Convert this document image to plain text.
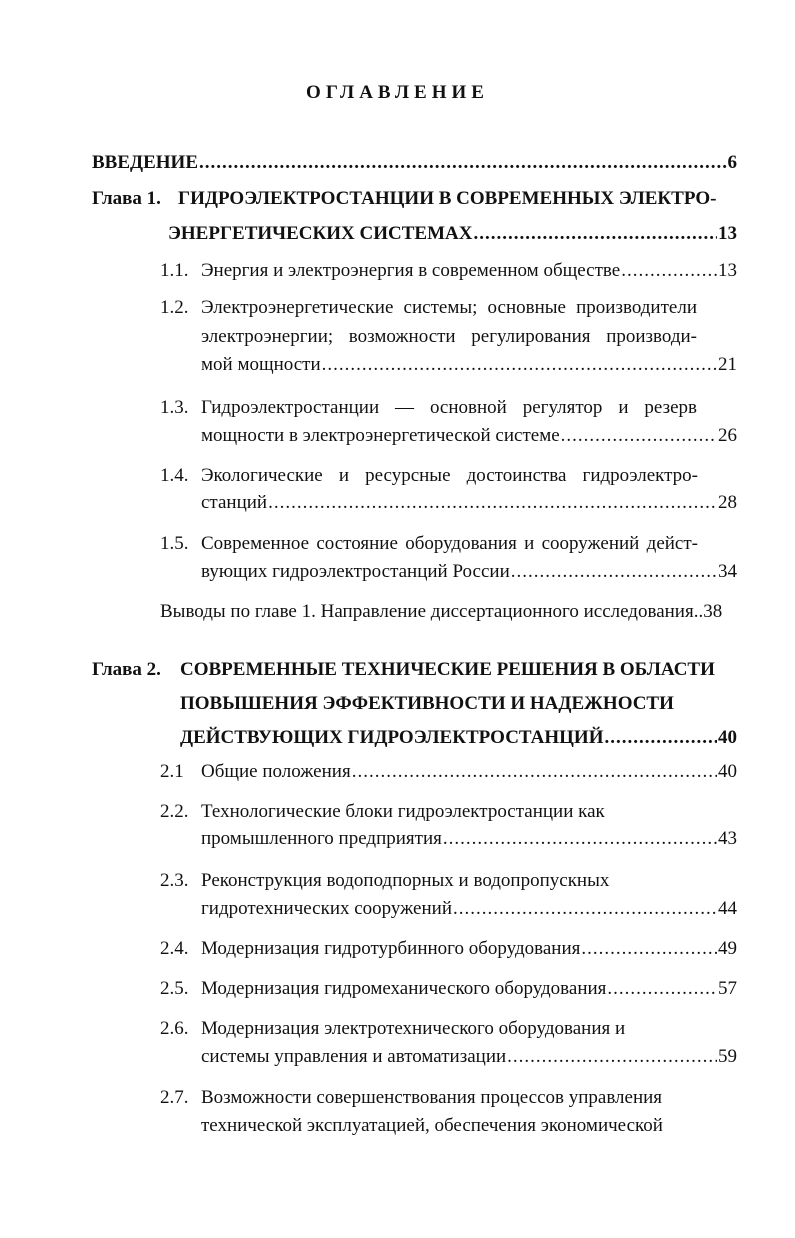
ОГЛАВЛЕНИЕ
ВВЕДЕНИЕ .....	6
Глава 1. ГИДРОЭЛЕКТРОСТАНЦИИ В СОВРЕМЕННЫХ ЭЛЕКТРО-
ЭНЕРГЕТИЧЕСКИХ СИСТЕМАХ .....	13
1.1. Энергия и электроэнергия в современном обществе .....	13
1.2. Электроэнергетические системы; основные производители
электроэнергии; возможности регулирования производи-
мой мощности .....	21
1.3. Гидроэлектростанции — основной регулятор и резерв
мощности в электроэнергетической системе .....	26
1.4. Экологические и ресурсные достоинства гидроэлектро-
станций .....	28
1.5. Современное состояние оборудования и сооружений дейст-
вующих гидроэлектростанций России .....	34
Выводы по главе 1. Направление диссертационного исследования..38
Глава 2. СОВРЕМЕННЫЕ ТЕХНИЧЕСКИЕ РЕШЕНИЯ В ОБЛАСТИ
ПОВЫШЕНИЯ ЭФФЕКТИВНОСТИ И НАДЕЖНОСТИ
ДЕЙСТВУЮЩИХ ГИДРОЭЛЕКТРОСТАНЦИЙ .....	40
2.1 Общие положения .....	40
2.2. Технологические блоки гидроэлектростанции как
промышленного предприятия .....	43
2.3. Реконструкция водоподпорных и водопропускных
гидротехнических сооружений .....	44
2.4. Модернизация гидротурбинного оборудования .....	49
2.5. Модернизация гидромеханического оборудования .....	57
2.6. Модернизация электротехнического оборудования и
системы управления и автоматизации .....	59
2.7. Возможности совершенствования процессов управления
технической эксплуатацией, обеспечения экономической
